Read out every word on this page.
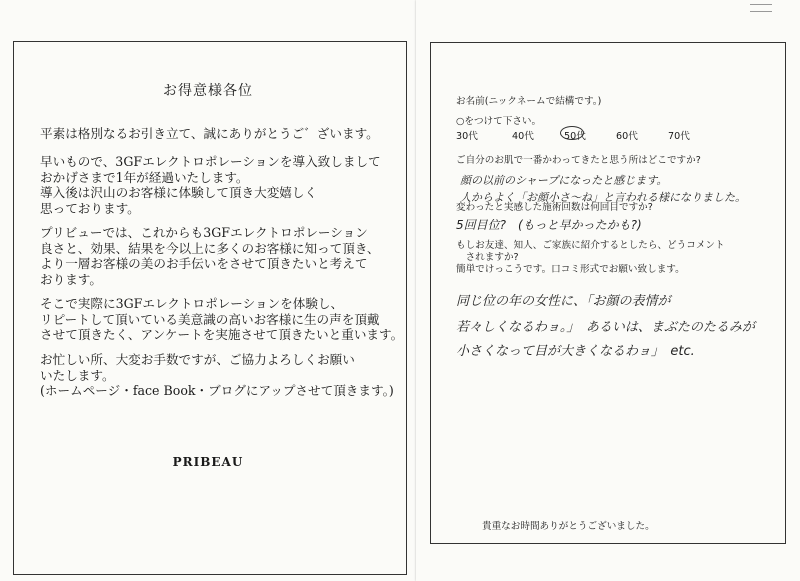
お得意様各位
平素は格別なるお引き立て、誠にありがとうご゛ざいます。
早いもので、3GFエレクトロポレーションを導入致しまして
おかげさまで1年が経過いたします。
導入後は沢山のお客様に体験して頂き大変嬉しく
思っております。
プリビューでは、これからも3GFエレクトロポレーション
良さと、効果、結果を今以上に多くのお客様に知って頂き、
より一層お客様の美のお手伝いをさせて頂きたいと考えて
おります。
そこで実際に3GFエレクトロポレーションを体験し、
リピートして頂いている美意識の高いお客様に生の声を頂戴
させて頂きたく、アンケートを実施させて頂きたいと重います。
お忙しい所、大変お手数ですが、ご協力よろしくお願い
いたします。
(ホームページ・face Book・ブログにアップさせて頂きます。)
PRIBEAU
お名前(ニックネームで結構です。)
○をつけて下さい。
30代	40代	50代	60代	70代
ご自分のお肌で一番かわってきたと思う所はどこですか?
顔の以前のシャープになったと感じます。
人からよく「お顔小さ～ね」と言われる様になりました。
変わったと実感した施術回数は何回目ですか?
5回目位?　(もっと早かったかも?)
もしお友達、知人、ご家族に紹介するとしたら、どうコメント
　されますか?
簡単でけっこうです。口コミ形式でお願い致します。
同じ位の年の女性に、「お顔の表情が
若々しくなるわョ。」　あるいは、まぶたのたるみが
小さくなって目が大きくなるわョ」　etc.
貴重なお時間ありがとうございました。
